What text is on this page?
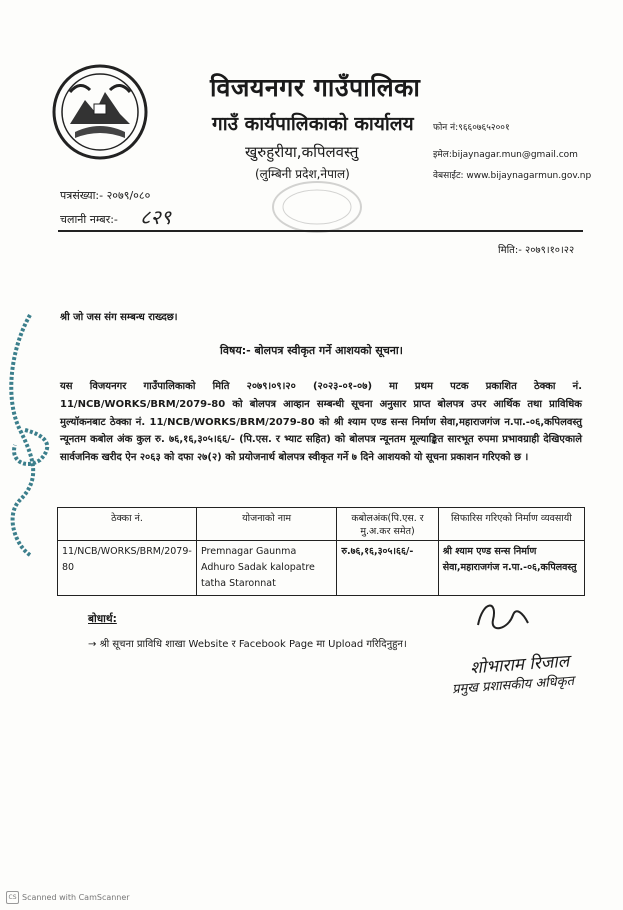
विजयनगर गाउँपालिका
गाउँ कार्यपालिकाको कार्यालय
खुरुहुरीया,कपिलवस्तु
(लुम्बिनी प्रदेश,नेपाल)
फोन नं:९६६०७६५२००१
इमेल:bijaynagar.mun@gmail.com
वेबसाईट: www.bijaynagarmun.gov.np
पत्रसंख्या:- २०७९/०८०
चलानी नम्बर:- ८२९
मिति:- २०७९।१०।२२
श्री जो जस संग सम्बन्ध राख्दछ।
विषय:- बोलपत्र स्वीकृत गर्ने आशयको सूचना।
यस विजयनगर गाउँपालिकाको मिति २०७९।०९।२० (२०२३-०१-०७) मा प्रथम पटक प्रकाशित ठेक्का नं. 11/NCB/WORKS/BRM/2079-80 को बोलपत्र आव्हान सम्बन्धी सूचना अनुसार प्राप्त बोलपत्र उपर आर्थिक तथा प्राविधिक मुल्यॉकनबाट ठेक्का नं. 11/NCB/WORKS/BRM/2079-80 को श्री श्याम एण्ड सन्स निर्माण सेवा,महाराजगंज न.पा.-०६,कपिलवस्तु न्यूनतम कबोल अंक कुल रु. ७६,१६,३०५।६६/- (पि.एस. र भ्याट सहित) को बोलपत्र न्यूनतम मूल्याङ्कित सारभूत रुपमा प्रभावग्राही देखिएकाले सार्वजनिक खरीद ऐन २०६३ को दफा २७(२) को प्रयोजनार्थ बोलपत्र स्वीकृत गर्ने ७ दिने आशयको यो सूचना प्रकाशन गरिएको छ ।
ठेक्का नं.	योजनाको नाम	कबोलअंक(पि.एस. र मु.अ.कर समेत)	सिफारिस गरिएको निर्माण व्यवसायी
11/NCB/WORKS/BRM/2079-80	Premnagar Gaunma Adhuro Sadak kalopatre tatha Staronnat	रु.७६,१६,३०५।६६/-	श्री श्याम एण्ड सन्स निर्माण सेवा,महाराजगंज न.पा.-०६,कपिलवस्तु
बोधार्थ:
→ श्री सूचना प्राविधि शाखा Website र Facebook Page मा Upload गरिदिनुहुन।
शोभाराम रिजाल
प्रमुख प्रशासकीय अधिकृत
CS Scanned with CamScanner
